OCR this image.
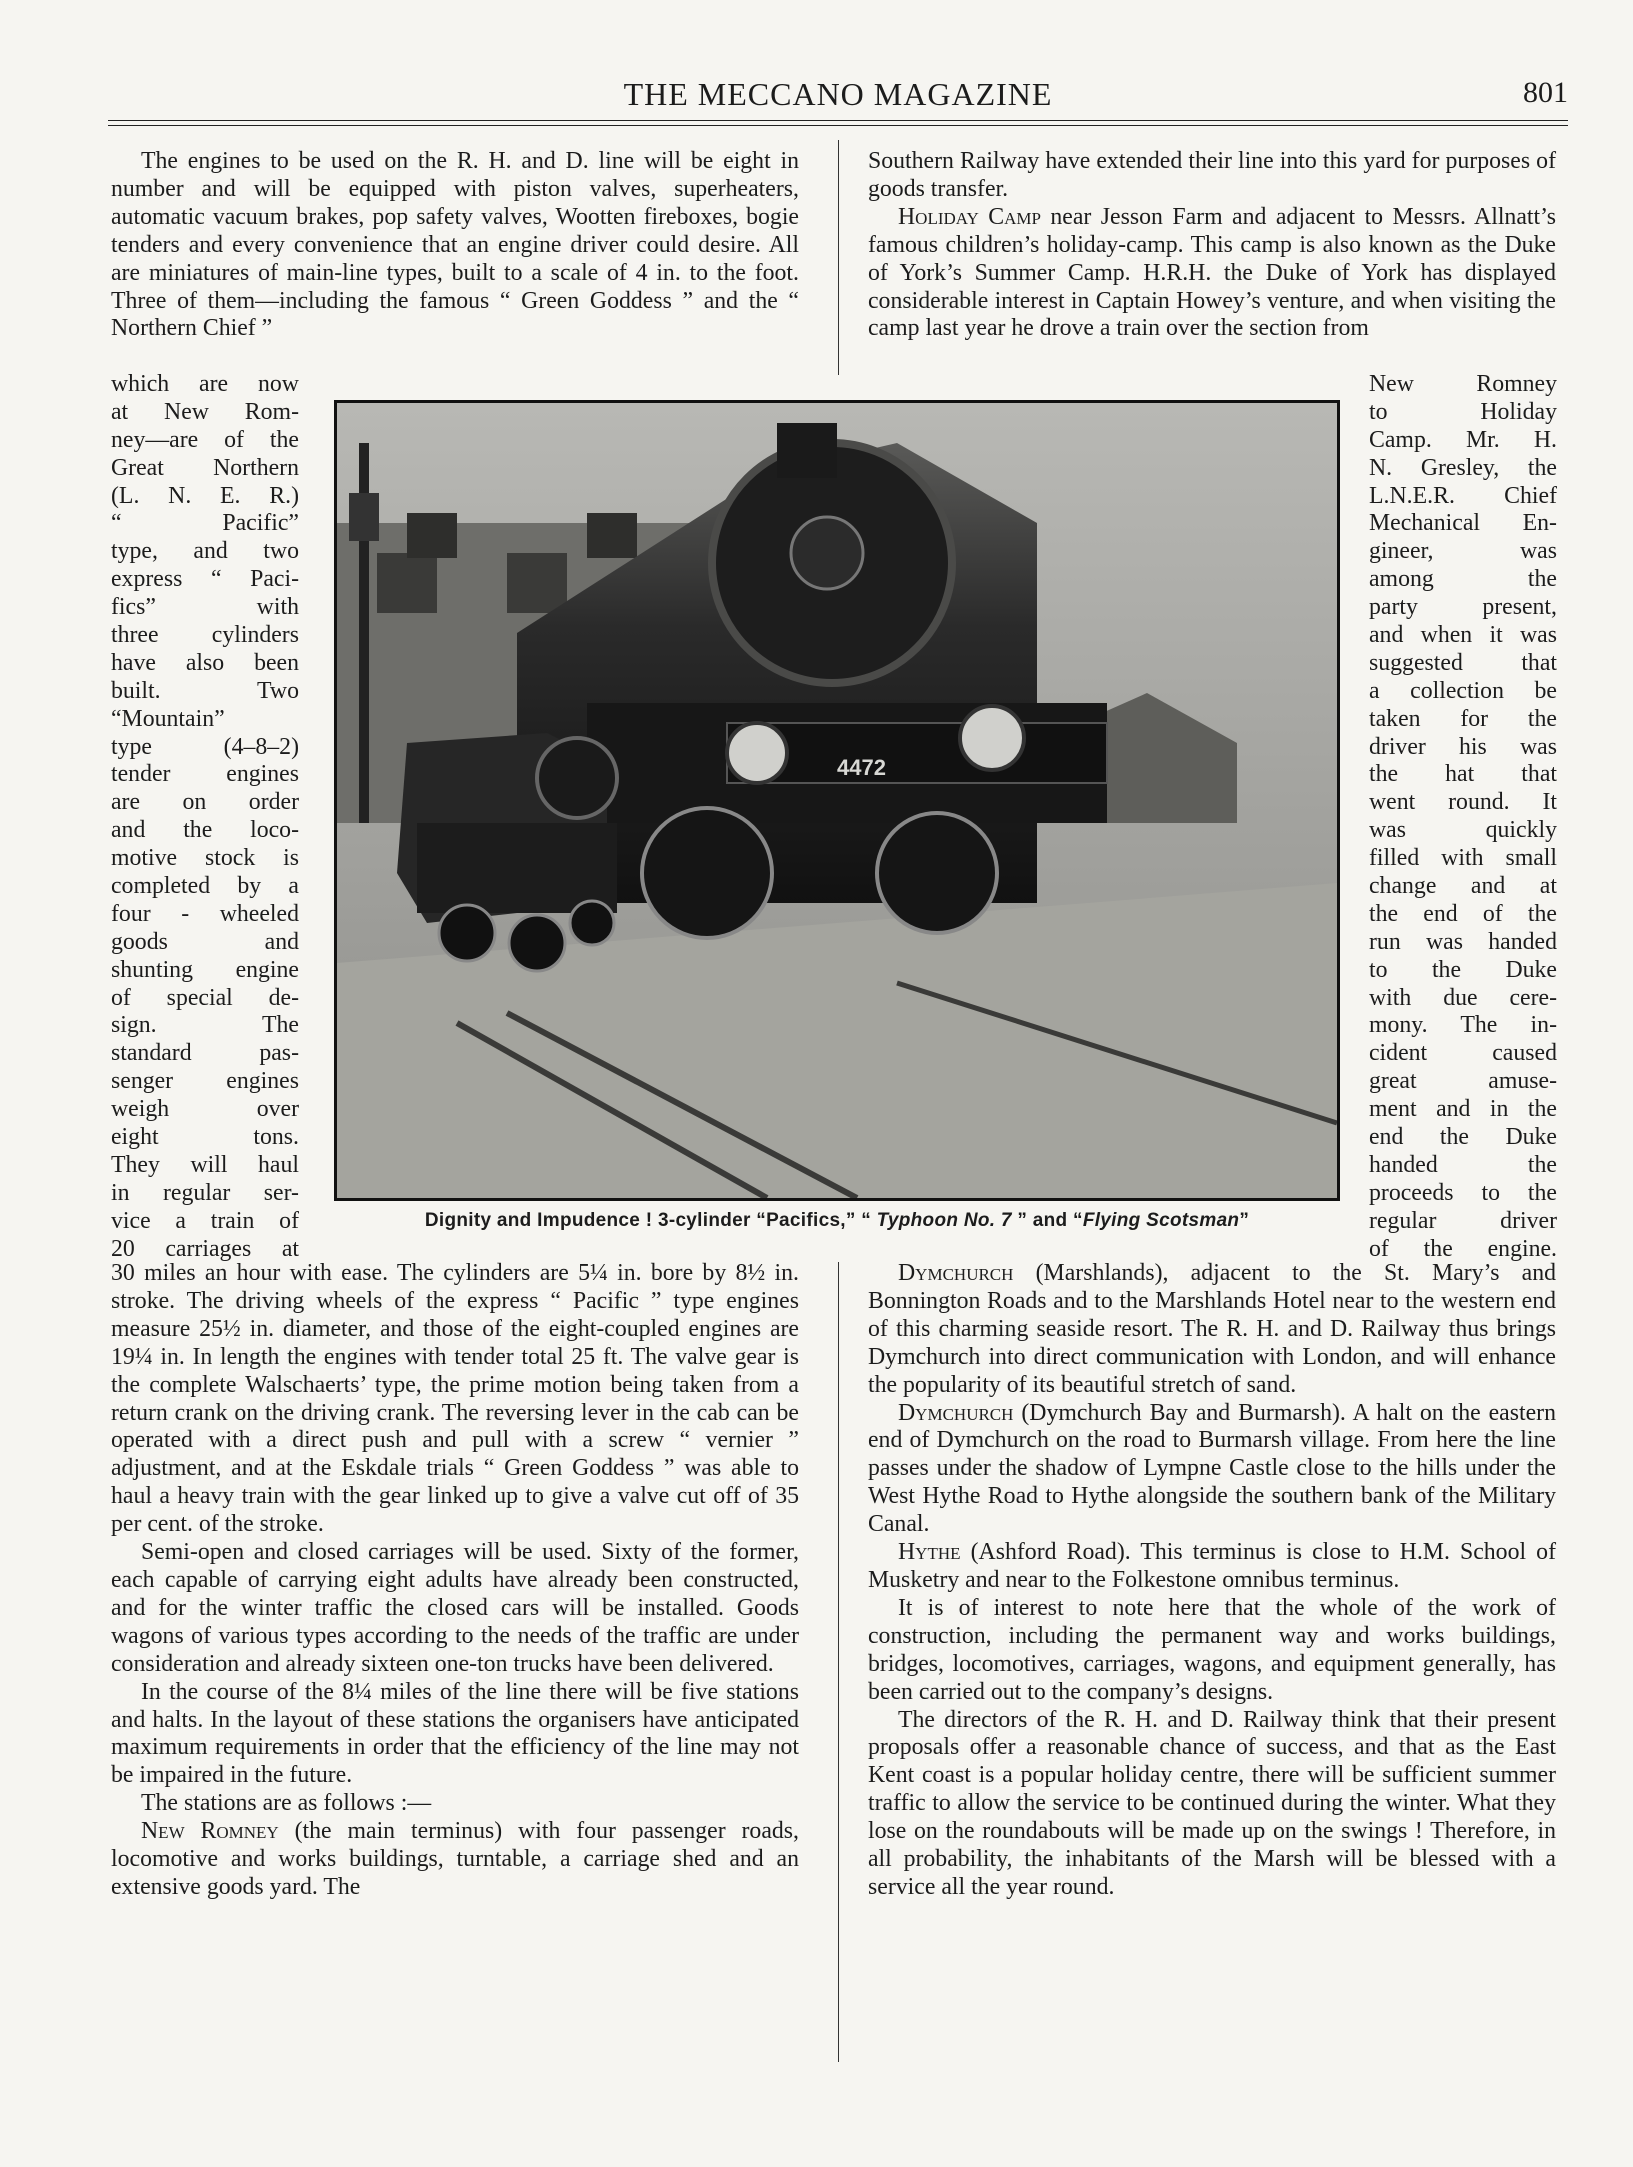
THE MECCANO MAGAZINE	801

The engines to be used on the R. H. and D. line will be eight in number and will be equipped with piston valves, superheaters, automatic vacuum brakes, pop safety valves, Wootten fireboxes, bogie tenders and every convenience that an engine driver could desire. All are miniatures of main-line types, built to a scale of 4 in. to the foot. Three of them—including the famous “ Green Goddess ” and the “ Northern Chief ”

which are now
at New Rom-
ney—are of the
Great Northern
(L. N. E. R.)
“ Pacific”
type, and two
express “ Paci-
fics” with
three cylinders
have also been
built. Two
“Mountain”
type (4–8–2)
tender engines
are on order
and the loco-
motive stock is
completed by a
four - wheeled
goods and
shunting engine
of special de-
sign. The
standard pas-
senger engines
weigh over
eight tons.
They will haul
in regular ser-
vice a train of
20 carriages at

30 miles an hour with ease. The cylinders are 5¼ in. bore by 8½ in. stroke. The driving wheels of the express “ Pacific ” type engines measure 25½ in. diameter, and those of the eight-coupled engines are 19¼ in. In length the engines with tender total 25 ft. The valve gear is the complete Walschaerts’ type, the prime motion being taken from a return crank on the driving crank. The reversing lever in the cab can be operated with a direct push and pull with a screw “ vernier ” adjustment, and at the Eskdale trials “ Green Goddess ” was able to haul a heavy train with the gear linked up to give a valve cut off of 35 per cent. of the stroke.

Semi-open and closed carriages will be used. Sixty of the former, each capable of carrying eight adults have already been constructed, and for the winter traffic the closed cars will be installed. Goods wagons of various types according to the needs of the traffic are under consideration and already sixteen one-ton trucks have been delivered.

In the course of the 8¼ miles of the line there will be five stations and halts. In the layout of these stations the organisers have anticipated maximum requirements in order that the efficiency of the line may not be impaired in the future.

The stations are as follows :—

New Romney (the main terminus) with four passenger roads, locomotive and works buildings, turntable, a carriage shed and an extensive goods yard. The

Southern Railway have extended their line into this yard for purposes of goods transfer.

Holiday Camp near Jesson Farm and adjacent to Messrs. Allnatt’s famous children’s holiday-camp. This camp is also known as the Duke of York’s Summer Camp. H.R.H. the Duke of York has displayed considerable interest in Captain Howey’s venture, and when visiting the camp last year he drove a train over the section from

New Romney
to Holiday
Camp. Mr. H.
N. Gresley, the
L.N.E.R. Chief
Mechanical En-
gineer, was
among the
party present,
and when it was
suggested that
a collection be
taken for the
driver his was
the hat that
went round. It
was quickly
filled with small
change and at
the end of the
run was handed
to the Duke
with due cere-
mony. The in-
cident caused
great amuse-
ment and in the
end the Duke
handed the
proceeds to the
regular driver
of the engine.

Dymchurch (Marshlands), adjacent to the St. Mary’s and Bonnington Roads and to the Marshlands Hotel near to the western end of this charming seaside resort. The R. H. and D. Railway thus brings Dymchurch into direct communication with London, and will enhance the popularity of its beautiful stretch of sand.

Dymchurch (Dymchurch Bay and Burmarsh). A halt on the eastern end of Dymchurch on the road to Burmarsh village. From here the line passes under the shadow of Lympne Castle close to the hills under the West Hythe Road to Hythe alongside the southern bank of the Military Canal.

Hythe (Ashford Road). This terminus is close to H.M. School of Musketry and near to the Folkestone omnibus terminus.

It is of interest to note here that the whole of the work of construction, including the permanent way and works buildings, bridges, locomotives, carriages, wagons, and equipment generally, has been carried out to the company’s designs.

The directors of the R. H. and D. Railway think that their present proposals offer a reasonable chance of success, and that as the East Kent coast is a popular holiday centre, there will be sufficient summer traffic to allow the service to be continued during the winter. What they lose on the roundabouts will be made up on the swings ! Therefore, in all probability, the inhabitants of the Marsh will be blessed with a service all the year round.

4472
Dignity and Impudence ! 3-cylinder “Pacifics,” “ Typhoon No. 7 ” and “Flying Scotsman”
